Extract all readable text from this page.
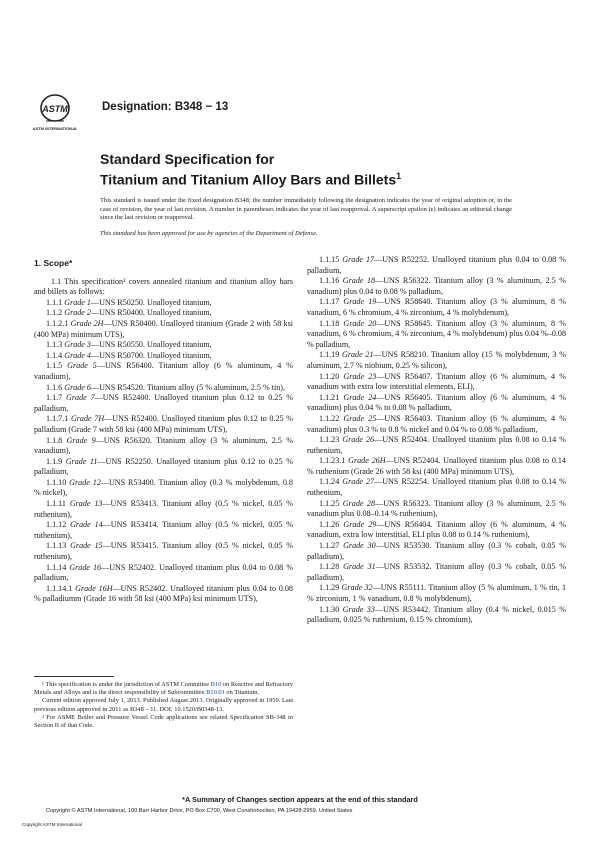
ASTM
ASTM INTERNATIONAL
Designation: B348 − 13
Standard Specification for
Titanium and Titanium Alloy Bars and Billets$^1$
This standard is issued under the fixed designation B348; the number immediately following the designation indicates the year of original adoption or, in the case of revision, the year of last revision. A number in parentheses indicates the year of last reapproval. A superscript epsilon (ε) indicates an editorial change since the last revision or reapproval.
This standard has been approved for use by agencies of the Department of Defense.
1. Scope*

1.1 This specification² covers annealed titanium and titanium alloy bars and billets as follows:

1.1.1 Grade 1—UNS R50250. Unalloyed titanium,

1.1.2 Grade 2—UNS R50400. Unalloyed titanium,

1.1.2.1 Grade 2H—UNS R50400. Unalloyed titanium (Grade 2 with 58 ksi (400 MPa) minimum UTS),

1.1.3 Grade 3—UNS R50550. Unalloyed titanium,

1.1.4 Grade 4—UNS R50700. Unalloyed titanium,

1.1.5 Grade 5—UNS R56400. Titanium alloy (6 % aluminum, 4 % vanadium),

1.1.6 Grade 6—UNS R54520. Titanium alloy (5 % aluminum, 2.5 % tin),

1.1.7 Grade 7—UNS R52400. Unalloyed titanium plus 0.12 to 0.25 % palladium,

1.1.7.1 Grade 7H—UNS R52400. Unalloyed titanium plus 0.12 to 0.25 % palladium (Grade 7 with 58 ksi (400 MPa) minimum UTS),

1.1.8 Grade 9—UNS R56320. Titanium alloy (3 % aluminum, 2.5 % vanadium),

1.1.9 Grade 11—UNS R52250. Unalloyed titanium plus 0.12 to 0.25 % palladium,

1.1.10 Grade 12—UNS R53400. Titanium alloy (0.3 % molybdenum, 0.8 % nickel),

1.1.11 Grade 13—UNS R53413. Titanium alloy (0.5 % nickel, 0.05 % ruthenium),

1.1.12 Grade 14—UNS R53414. Titanium alloy (0.5 % nickel, 0.05 % ruthenium),

1.1.13 Grade 15—UNS R53415. Titanium alloy (0.5 % nickel, 0.05 % ruthenium),

1.1.14 Grade 16—UNS R52402. Unalloyed titanium plus 0.04 to 0.08 % palladium,

1.1.14.1 Grade 16H—UNS R52402. Unalloyed titanium plus 0.04 to 0.08 % palladiumm (Grade 16 with 58 ksi (400 MPa) ksi minimum UTS),

1.1.15 Grade 17—UNS R52252. Unalloyed titanium plus 0.04 to 0.08 % palladium,

1.1.16 Grade 18—UNS R56322. Titanium alloy (3 % aluminum, 2.5 % vanadium) plus 0.04 to 0.08 % palladium,

1.1.17 Grade 19—UNS R58640. Titanium alloy (3 % aluminum, 8 % vanadium, 6 % chromium, 4 % zirconium, 4 % molybdenum),

1.1.18 Grade 20—UNS R58645. Titanium alloy (3 % aluminum, 8 % vanadium, 6 % chromium, 4 % zirconium, 4 % molybdenum) plus 0.04 %–0.08 % palladium,

1.1.19 Grade 21—UNS R58210. Titanium alloy (15 % molybdenum, 3 % aluminum, 2.7 % niobium, 0.25 % silicon),

1.1.20 Grade 23—UNS R56407. Titanium alloy (6 % aluminum, 4 % vanadium with extra low interstitial elements, ELI),

1.1.21 Grade 24—UNS R56405. Titanium alloy (6 % aluminum, 4 % vanadium) plus 0.04 % to 0.08 % palladium,

1.1.22 Grade 25—UNS R56403. Titanium alloy (6 % aluminum, 4 % vanadium) plus 0.3 % to 0.8 % nickel and 0.04 % to 0.08 % palladium,

1.1.23 Grade 26—UNS R52404. Unalloyed titanium plus 0.08 to 0.14 % ruthenium,

1.1.23.1 Grade 26H—UNS R52404. Unalloyed titanium plus 0.08 to 0.14 % ruthenium (Grade 26 with 58 ksi (400 MPa) minimum UTS),

1.1.24 Grade 27—UNS R52254. Unalloyed titanium plus 0.08 to 0.14 % ruthenium,

1.1.25 Grade 28—UNS R56323. Titanium alloy (3 % aluminum, 2.5 % vanadium plus 0.08–0.14 % ruthenium),

1.1.26 Grade 29—UNS R56404. Titanium alloy (6 % aluminum, 4 % vanadium, extra low interstitial, ELI plus 0.08 to 0.14 % ruthenium),

1.1.27 Grade 30—UNS R53530. Titanium alloy (0.3 % cobalt, 0.05 % palladium),

1.1.28 Grade 31—UNS R53532. Titanium alloy (0.3 % cobalt, 0.05 % palladium),

1.1.29 Grade 32—UNS R55111. Titanium alloy (5 % aluminum, 1 % tin, 1 % zirconium, 1 % vanadium, 0.8 % molybdenum),

1.1.30 Grade 33—UNS R53442. Titanium alloy (0.4 % nickel, 0.015 % palladium, 0.025 % ruthenium, 0.15 % chromium),

¹ This specification is under the jurisdiction of ASTM Committee B10 on Reactive and Refractory Metals and Alloys and is the direct responsibility of Subcommittee B10.01 on Titanium.

Current edition approved July 1, 2013. Published August 2013. Originally approved in 1959. Last previous edition approved in 2011 as B348 – 11. DOI: 10.1520/B0348-13.

² For ASME Boiler and Pressure Vessel Code applications see related Specification SB-348 in Section II of that Code.

*A Summary of Changes section appears at the end of this standard
Copyright © ASTM International, 100 Barr Harbor Drive, PO Box C700, West Conshohocken, PA 19428-2959. United States
Copyright ASTM International
